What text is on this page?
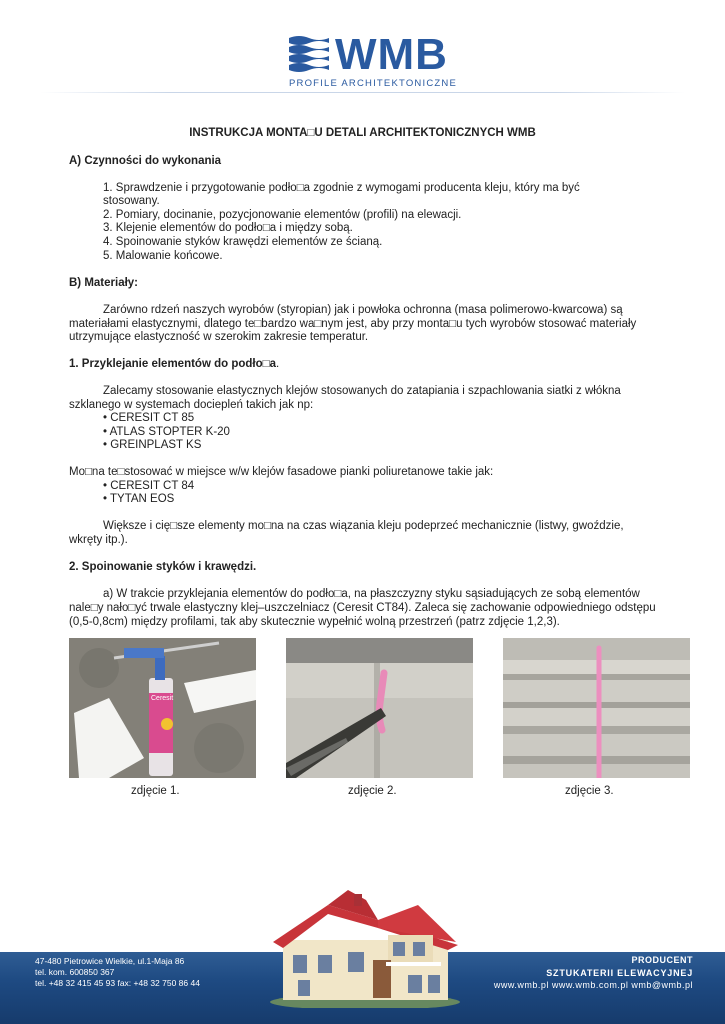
WMB
PROFILE ARCHITEKTONICZNE
INSTRUKCJA MONTA□U DETALI ARCHITEKTONICZNYCH WMB
A) Czynności do wykonania
1. Sprawdzenie i przygotowanie podło□a zgodnie z wymogami producenta kleju, który ma być
stosowany.
2. Pomiary, docinanie, pozycjonowanie elementów (profili) na elewacji.
3. Klejenie elementów do podło□a i między sobą.
4. Spoinowanie styków krawędzi elementów ze ścianą.
5. Malowanie końcowe.
B) Materiały:
Zarówno rdzeń naszych wyrobów (styropian) jak i powłoka ochronna (masa polimerowo-kwarcowa) są
materiałami elastycznymi, dlatego te□bardzo wa□nym jest, aby przy monta□u tych wyrobów stosować materiały
utrzymujące elastyczność w szerokim zakresie temperatur.
1. Przyklejanie elementów do podło□a.
Zalecamy stosowanie elastycznych klejów stosowanych do zatapiania i szpachlowania siatki z włókna
szklanego w systemach dociepleń takich jak np:
• CERESIT CT 85
• ATLAS STOPTER K-20
• GREINPLAST KS
Mo□na te□stosować w miejsce w/w klejów fasadowe pianki poliuretanowe takie jak:
• CERESIT CT 84
• TYTAN EOS
Większe i cię□sze elementy mo□na na czas wiązania kleju podeprzeć mechanicznie (listwy, gwoździe,
wkręty itp.).
2. Spoinowanie styków i krawędzi.
a) W trakcie przyklejania elementów do podło□a, na płaszczyzny styku sąsiadujących ze sobą elementów
nale□y nało□yć trwale elastyczny klej–uszczelniacz (Ceresit CT84). Zaleca się zachowanie odpowiedniego odstępu
(0,5-0,8cm) między profilami, tak aby skutecznie wypełnić wolną przestrzeń (patrz zdjęcie 1,2,3).
Ceresit
zdjęcie 1.	zdjęcie 2.	zdjęcie 3.
47-480 Pietrowice Wielkie, ul.1-Maja 86
tel. kom. 600850 367
tel. +48 32 415 45 93 fax: +48 32 750 86 44
PRODUCENT
SZTUKATERII ELEWACYJNEJ
www.wmb.pl www.wmb.com.pl wmb@wmb.pl
